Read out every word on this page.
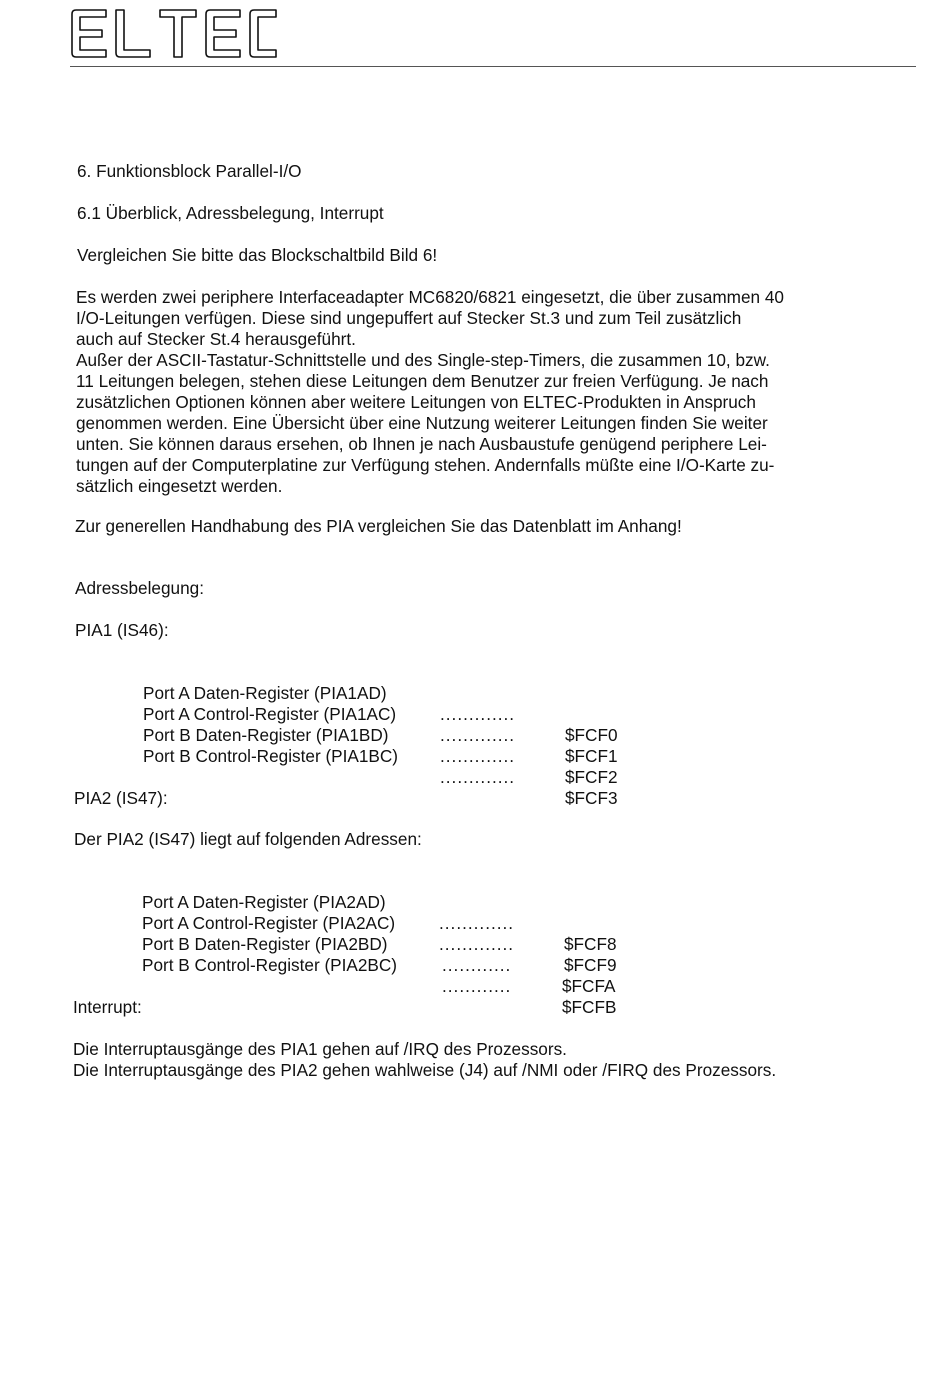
6. Funktionsblock Parallel-I/O
6.1 Überblick, Adressbelegung, Interrupt
Vergleichen Sie bitte das Blockschaltbild Bild 6!
Es werden zwei periphere Interfaceadapter MC6820/6821 eingesetzt, die über zusammen 40
I/O-Leitungen verfügen. Diese sind ungepuffert auf Stecker St.3 und zum Teil zusätzlich
auch auf Stecker St.4 herausgeführt.
Außer der ASCII-Tastatur-Schnittstelle und des Single-step-Timers, die zusammen 10, bzw.
11 Leitungen belegen, stehen diese Leitungen dem Benutzer zur freien Verfügung. Je nach
zusätzlichen Optionen können aber weitere Leitungen von ELTEC-Produkten in Anspruch
genommen werden. Eine Übersicht über eine Nutzung weiterer Leitungen finden Sie weiter
unten. Sie können daraus ersehen, ob Ihnen je nach Ausbaustufe genügend periphere Lei-
tungen auf der Computerplatine zur Verfügung stehen. Andernfalls müßte eine I/O-Karte zu-
sätzlich eingesetzt werden.
Zur generellen Handhabung des PIA vergleichen Sie das Datenblatt im Anhang!
Adressbelegung:
PIA1 (IS46):

Port A Daten-Register (PIA1AD)

.............

$FCF0

Port A Control-Register (PIA1AC)

.............

$FCF1

Port B Daten-Register (PIA1BD)

.............

$FCF2

Port B Control-Register (PIA1BC)

.............

$FCF3

PIA2 (IS47):
Der PIA2 (IS47) liegt auf folgenden Adressen:

Port A Daten-Register (PIA2AD)

.............

$FCF8

Port A Control-Register (PIA2AC)

.............

$FCF9

Port B Daten-Register (PIA2BD)

............

$FCFA

Port B Control-Register (PIA2BC)

............

$FCFB

Interrupt:
Die Interruptausgänge des PIA1 gehen auf /IRQ des Prozessors.
Die Interruptausgänge des PIA2 gehen wahlweise (J4) auf /NMI oder /FIRQ des Prozessors.
